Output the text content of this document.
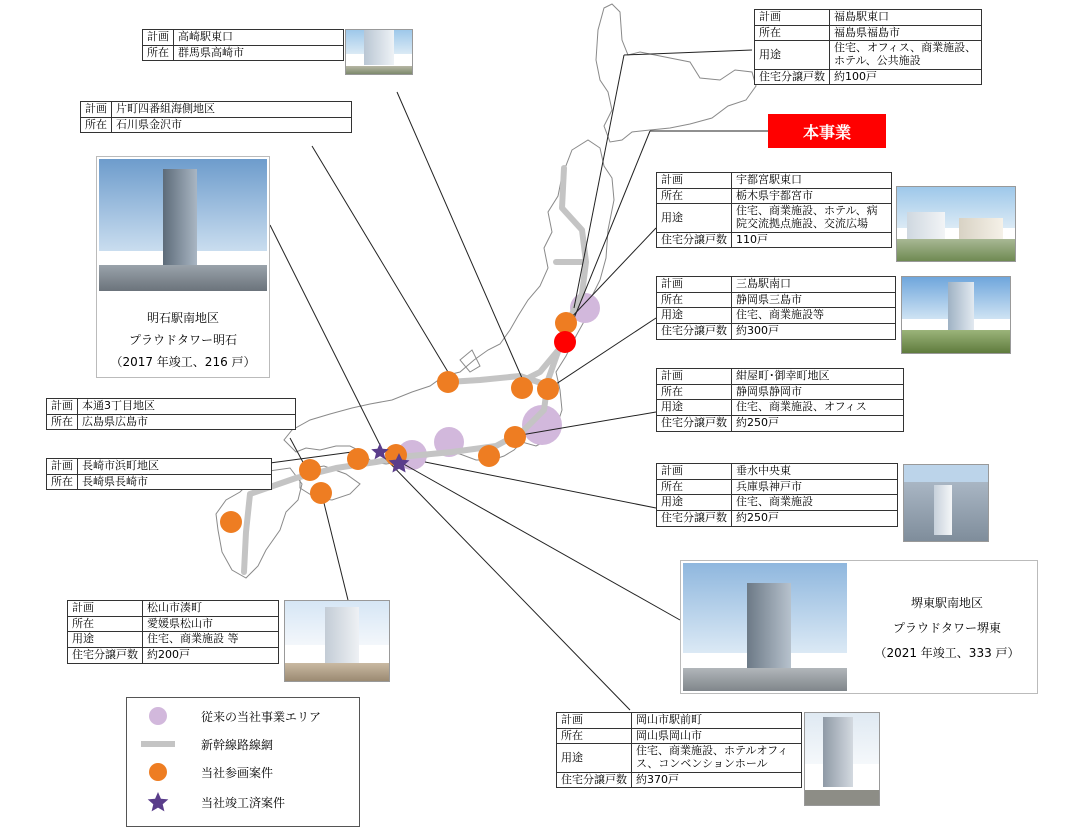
本事業
計画	高崎駅東口
所在	群馬県高崎市
計画	片町四番組海側地区
所在	石川県金沢市
計画	福島駅東口
所在	福島県福島市
用途	住宅、オフィス、商業施設、ホテル、公共施設
住宅分譲戸数	約100戸
計画	宇都宮駅東口
所在	栃木県宇都宮市
用途	住宅、商業施設、ホテル、病院交流拠点施設、交流広場
住宅分譲戸数	110戸
計画	三島駅南口
所在	静岡県三島市
用途	住宅、商業施設等
住宅分譲戸数	約300戸
計画	紺屋町･御幸町地区
所在	静岡県静岡市
用途	住宅、商業施設、オフィス
住宅分譲戸数	約250戸
計画	垂水中央東
所在	兵庫県神戸市
用途	住宅、商業施設
住宅分譲戸数	約250戸
計画	本通3丁目地区
所在	広島県広島市
計画	長崎市浜町地区
所在	長崎県長崎市
計画	松山市湊町
所在	愛媛県松山市
用途	住宅、商業施設 等
住宅分譲戸数	約200戸
計画	岡山市駅前町
所在	岡山県岡山市
用途	住宅、商業施設、ホテルオフィス、コンベンションホール
住宅分譲戸数	約370戸
明石駅南地区
プラウドタワー明石
（2017 年竣工、216 戸）
堺東駅南地区
プラウドタワー堺東
（2021 年竣工、333 戸）
従来の当社事業エリア
新幹線路線網
当社参画案件
当社竣工済案件
